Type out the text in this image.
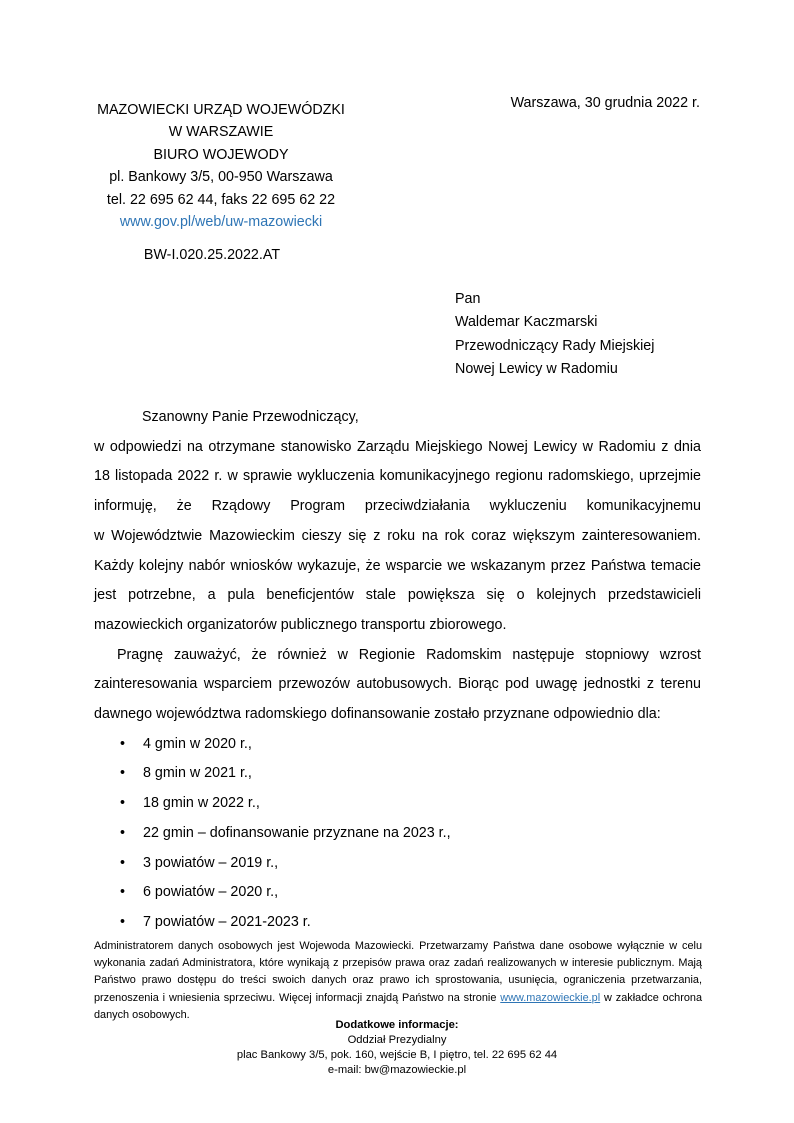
Warszawa, 30 grudnia 2022 r.
MAZOWIECKI URZĄD WOJEWÓDZKI
W WARSZAWIE
BIURO WOJEWODY
pl. Bankowy 3/5, 00-950 Warszawa
tel. 22 695 62 44, faks 22 695 62 22
www.gov.pl/web/uw-mazowiecki
BW-I.020.25.2022.AT
Pan
Waldemar Kaczmarski
Przewodniczący Rady Miejskiej
Nowej Lewicy w Radomiu
Szanowny Panie Przewodniczący,
w odpowiedzi na otrzymane stanowisko Zarządu Miejskiego Nowej Lewicy w Radomiu z dnia
18 listopada 2022 r. w sprawie wykluczenia komunikacyjnego regionu radomskiego, uprzejmie
informuję, że Rządowy Program przeciwdziałania wykluczeniu komunikacyjnemu
w Województwie Mazowieckim cieszy się z roku na rok coraz większym zainteresowaniem.
Każdy kolejny nabór wniosków wykazuje, że wsparcie we wskazanym przez Państwa temacie
jest potrzebne, a pula beneficjentów stale powiększa się o kolejnych przedstawicieli
mazowieckich organizatorów publicznego transportu zbiorowego.
Pragnę zauważyć, że również w Regionie Radomskim następuje stopniowy wzrost
zainteresowania wsparciem przewozów autobusowych. Biorąc pod uwagę jednostki z terenu
dawnego województwa radomskiego dofinansowanie zostało przyznane odpowiednio dla:
•
4 gmin w 2020 r.,
•
8 gmin w 2021 r.,
•
18 gmin w 2022 r.,
•
22 gmin – dofinansowanie przyznane na 2023 r.,
•
3 powiatów – 2019 r.,
•
6 powiatów – 2020 r.,
•
7 powiatów – 2021-2023 r.
Administratorem danych osobowych jest Wojewoda Mazowiecki. Przetwarzamy Państwa dane osobowe wyłącznie w celu
wykonania zadań Administratora, które wynikają z przepisów prawa oraz zadań realizowanych w interesie publicznym. Mają
Państwo prawo dostępu do treści swoich danych oraz prawo ich sprostowania, usunięcia, ograniczenia przetwarzania,
przenoszenia i wniesienia sprzeciwu. Więcej informacji znajdą Państwo na stronie www.mazowieckie.pl w zakładce ochrona
danych osobowych.
Dodatkowe informacje:
Oddział Prezydialny
plac Bankowy 3/5, pok. 160, wejście B, I piętro, tel. 22 695 62 44
e-mail: bw@mazowieckie.pl
